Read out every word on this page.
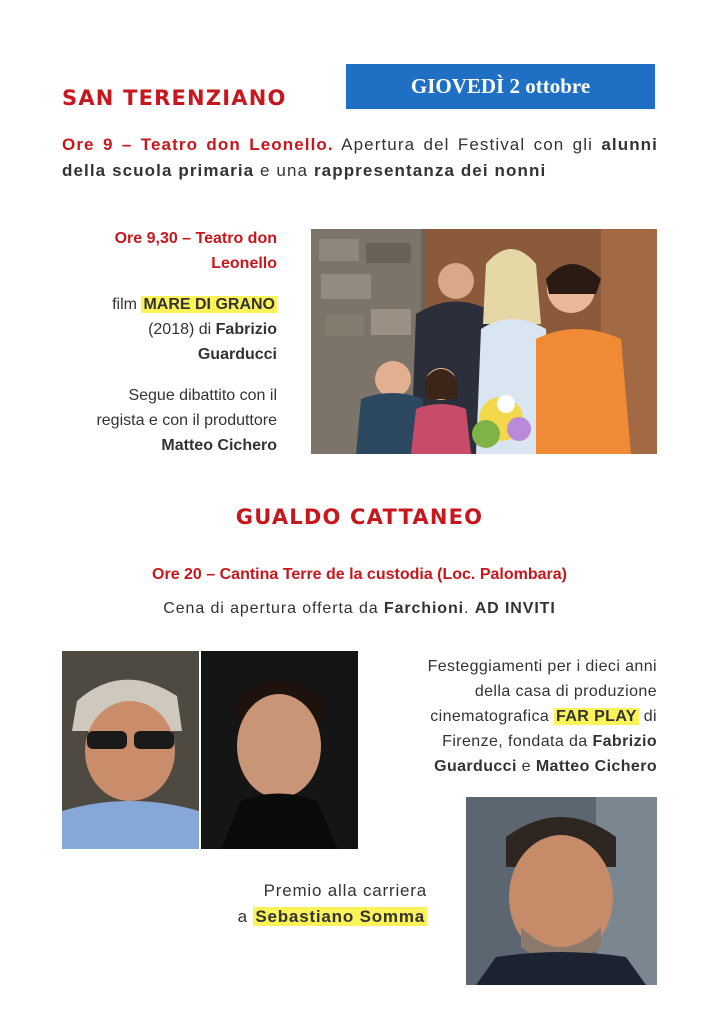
GIOVEDÌ 2 ottobre
SAN TERENZIANO
Ore 9 – Teatro don Leonello. Apertura del Festival con gli alunni della scuola primaria e una rappresentanza dei nonni

Ore 9,30 – Teatro don
Leonello

film MARE DI GRANO
(2018) di Fabrizio
Guarducci

Segue dibattito con il
regista e con il produttore
Matteo Cichero

GUALDO CATTANEO
Ore 20 – Cantina Terre de la custodia (Loc. Palombara)
Cena di apertura offerta da Farchioni. AD INVITI
Festeggiamenti per i dieci anni
della casa di produzione
cinematografica FAR PLAY di
Firenze, fondata da Fabrizio
Guarducci e Matteo Cichero
Premio alla carriera
a Sebastiano Somma
